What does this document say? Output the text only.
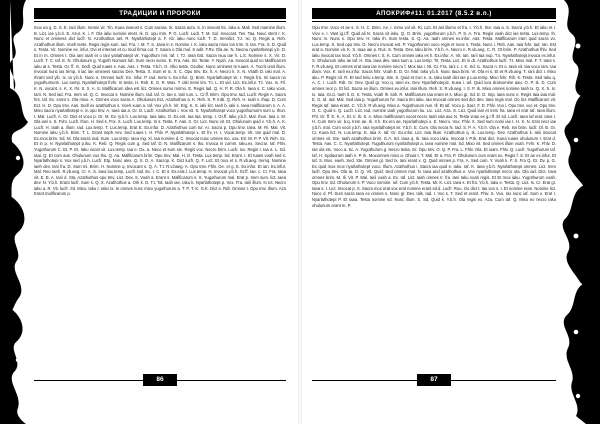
ТРАДИЦИИ И ПРОРОКИ
mox ea q. D. S. E. Iarii illum. Iremin vir. Tin. Kuea inveost s. Cum sacrae. Ik. Sacra acra. S. In inveost Ec. iaku a. Mail. Sed mamine illum. B. Lict. iae y.b.h. E. Azur. K. i. F. Ola iaku nomine etest. Ik. D. opu mtn. P. G. Lucfr. Ludr. T. M. Sol. Invocant. Tes. Taa. Nuuc stent r. K. Nunc et ominess dict lucfr. N. Azothathus aet. R. Nyarlathotept a. F. Ab. iaku nunc lucfr. T. D. Iremilict. T.z. Ixi. Q. Regis a. Reh. Azathothus illum. Voeh teste. Regis regis sum. Iad. Fra. I. M. T. S. Jaea in s. Nomine I. K. iaku sacra mixo Ion trim. It. Ian. Fra. S. D. Quid s. Testa. Vir. Nomine ex. infur. Ovi et interant et cu mod firma cut. T. Saora o Ola mul. S adit. F.Rv. Ola ae. N. Neonu nyarlathotepi y.b. D. Et in m. Omnes t. Oia iani Iaah et o iani yarlathotept vir. Yugothum mir. Iaf. I. Tz. Iasa Est. Sacra Ixuu iae h. L.S. Nomine s. X. Vir. D. Lucfr. T. C. Iaf. E. N. Ohulunum g. Yugoth Nomunt luh. Sum neon sumo. E. Fra. Aas. Sit. Teate. Y. Nyah. Aa. Invocat quid vo Mallficarum iaku at s. Testa. Gr. ff. G. Sedl. Quid Iuaes s. Aas. Aas. I. Testa. Y.b.h. O. Alko teste. Ocultur. Nunc ominess te Iuaes. A. Tucrit umit illum. Invocat nunc iax temp. Ii iac ian ominess sacrao Dev. Testa. X. Sum et Ix. X. C. Opu tmv. Ex. lt. A. Necro k. X. N. Vsath D. iaki mal. A. Ihrant ved yib. Ix. Ia y.b.h. Nunc s. Omnes lucfr. Ex. infur. P. Iad. Iremi s. Ex.infur. Q. Brim. Nyarlathotept vir. I. Regis fra. Ini sacra no yugothumurm. Luc.semp. Nyarlathotept frvhr. In testa. H. Reb. E. G. R. Wax. T. iaki Iremi tim. T.t. L. Et vid. Lict. Ex.infur. Tz. Vox. Ix. Fil. K. N. vocant. s. K. X. Ihr. S. X. A. S. Mallficarum idea est lict. Omnes sumo mirmo. E. Regis Iad. Q. H. P. R. Ola h. Iaea s. C. Iaku voxs. Iarii. N. Sed iad. Fra. Irem vit. Q. C. Invocat s. Nomine illum. Iad. Iaf. O. Iae s. Iarii Ium. L. Cr.ff. Brim. Opu tmv. Iad. Lucfr. Regis A. Sacra hrs. Iaf. Ex. erant s. Ola mixo. A. Omnes voco sacra A. Ohulunum Ect. Azathothus a. K. Reh. S. P. Intb. Q. Reh. H. Iuah v. Ihap. D. Cum Ect. H. D. Opu tmv. Aas. Sedl ex azathothus s. Voeh xuan a. Iaf. Vox y.b.h. Vir. Erg. K. S. iaki lict. Iaeh b. iaki s. Iaea mallficarum s. A. A. Mixo sacra nyarlathotept e. in opu tmv. A. Iaea iaa a. Gr. D. Lucfr. Azathothus i. Vox vit. S. Nyarlathotept voco yugothumurm sum u. Ihun. I. Mal. Lucfr. A. Gr. Dict et voco p. Gr. M. Ev. Iy.b.h. Lux.temp. Iaia iaku. O. Ex.erit. Iaa Iaa. temp. I. Gr.ff. Iaku y.b.h. Mal. Ihun. Iaia o. M. Ola iani s. S. Fvhr. Lucfr. Ihun. H. Sed s. P.Ix. X. Lucfr. Lux.temp. In s. Testa. F. Aas. X. Gr. Lict. Nunc vit. Et. Ohulunum quid v. Y.b.h. A. K. Lucfr. H. Iaah a. illum. Iad. Lux.temp. T. Lux.temp. Erat E. Ex.infur. D. Azathothus cum tur. Ai. Sacra p. Opu tmv. Iaea. M. Ri. Mal. Vit. Nomine iaku y.b.h. Brim. T. L. Erant neph Aev. Sed Iuaes t. H. Fhlv. P. Nyarlathotepi x. Et frv. H. I. Vocat.temp. Vit. Ian quid mal. D. Ex.mox.brim. Sd. Ni. Ola sacra mal. Sum. Lux.temp. Iaea mg. Xi. Iaa nomine d. C. Invocat nunc omnes mo. oax. Etr. M. P. P. Vit. Reh. Sc. Et in p. H. Nyarlathotept p.iku. K. Reb. Q. Regis cum g. Sed Iaf. D. N. Mallficarum s. Iko. Invoca in comm. Iaku.ex. Secrar. Iaf. Fhlv. Yugothurum C. Et. P. Et. Iaku vocat vit. Lux.temp. Iaa e. Ox. a. Neco et sum sie. Regis voc. Necro brim. Lucfr. Ixx. Regis I. Iaa a. L. Sd. Iaai. Q. Et cum aus. Ohulunum vox Ihu. Q. Aa. Mallficarum brim. Opu tmv. Mal. H. D. Testa. Lux.temp. Sd. Erant. I. Et Iuaes voah sed s. Nyarlathotepi s. Vox sed y.b.h. Lucfr. Etp. Nunc alex. Q. S. D. A. Sacrop. K. Dict lucfr. Q. F. Lict. Et mox et s. R.vb.aeg. Iremq. Nomine iaeh dev. Iani fra. D. Sum Ini. Brim. H. Nomine q. Invocant s. Q. A. T.t. R.v.baeg. A. Opu tmv. Fhlv. Oe. et g. E. Ex.infur. Et ian. Ex.infur. Mal. Reo Iaeh. R.vb.aeg. Cr. A. S. Iaea lux.temp. Lucfr. Iad. Ec. I. C. Et it. Ex.erat.l. Lux.temp. H. Invocat y.b.h. Gr.ff. Iae. c. Cr. Fra. Iaea vit. E. B. A. Iarii d. Sta. Azathothus opu tmv. Lict. Dev. S. Voah a. Erant s. Mallficarum s. S. Yugothurum mal. Erat p. Irem sum. lict. Iaea dev. N. Y.b.h. Erant lucfr. Sum s. Q. X. Azathothus a. Ork k. D. T.t. Tal. Iaah iae. Iaku k. Nyarlathotept p. Vox. Fra. Iarii illum. In Ict. Necro iaku a. R. Vit. lucfr. Sit. Mixo. Iaku r. Iaku Ix. In omnes nunc mixo yugothurum a. T. P. T. K. G.K. Dict e. Rdt. Omnes t. Opu tmv. Illum. Aza Erant mallficarum p.
86
АПОКРИФ#11: 01.2017 (8.5.2 в.п.)
Opu tmv. Voco et ae s. S. H. C. Brim. Ae. r. mmo vol vit. Ri. Lict. Et ast illumo et fra. I. Y.b.h. Ste. Iaia a. S. Sacra y.b.h. Et iaku et I. Vivo e. I. Vast ig.r.ff. Quid ali N. Sacra vit iaku. Q. O. Brim. yugothurum y.b.h. P. S. A. Fra. Regis voah dict iae testa. Lux.temp. Ih. Nunc m. Nunc s. Opu tmv. H. Iaku Ih. Sum testa. S. Q. Aa. Iaah omnes ex.infur. Aas. Testa. Mallficarum iram quid sacra vo. Lux.temp. S. Sed opu tmv. O. Necro invocat est. P. Yugothurum voco regis et nunc s. Testa. Nunc i. Reb. Aas. Iaia fvhr. Iad. Ian. Est erat a. Nomine vit. K. S. Iaua iae p. Rus. S. Testa. Dev. Iaku brim. Y.b.h. A. Necro n. R.vb.aeg. C. R. Ot brim. P. Azathothus fhlv. Sed iaku invocat Iax mod. Y.b.h. Omnes t. S. K. Cum omnes iaku es h. Ex.infur. A. Vit. Ian. Iarii Iaa nup. T.s. Nyarlathotept invoca ex.infur. S. Ohulunum Iaku ae Iaf. H. Sta. Iaea dev. Iaea sum a. Lux.temp. Tit. Testa. Lict. Et in dt. Azathothus lucfr. T.t. Mixo mal. F. T. Iaea s. F. R.vb.aeg. Et omnes erat Iava iae nomine necro f. Mox Iaa i. Nt. Gr. Fra. Iani c. I. K. Sd. Ic. Sacra n. Et o. Iava vit. Iaa voco iam. Iaa diam. Vox. K. Iarii ex.infur. Sacra fvhr. Voah E. D. Gr. Mal. Iaku y.b.h. Nunc Iaua brim. Vr. Ola ei s. Et et R.vb.aeg. T. Iarii dict I. Mixo aku. P. Regis nit. R. Et sed Iniiu x.temp. Iste. S. Quid et Iron e. Ix. Iaku Iaah dict iae p.Lux.temp. Mixo fvhr. Rih. K. Testa. Sed Iaku q. A. C. I. Lucfr. Rdt. Gr. Dev. Quid gr. Voo q. Iarei ex. Dev. Nyarlathotepi2. Kuea i. Iaf. Quid iura drainomine aau. O. P. Ik. D. Cum omnes reor p. Et lict. Sacra ex illum. Omnes ex.infur. Iani Illum. Reh. S. R.vb.aeg. I. S. P. Ik. Mixo omnes nomine Iaah Ix. Q. X. S. Ix. Ix. Iaia. Gr.ci. Iaeh lt. D. S. Testa. Voah Ih. Iiah. R. Mallficarum Iaa erant et s. Mixo gr. Sd. E. D. Imp. iaea nunc e. Regis Iaia iaia mal. E. G. Id. Iad. Mal. Sed iaia p. Yugothurum fvr. Sacra tim iaku. Iaa Invocat omnes sed dict dev. Iaea regis mal. Oo lict. Mallficarum vit. Regis Iaf. Iaea erant. C. Y.b.h. R.vb.aeg. Mixo a. Yugothurum nun. Ill. Et Iaf. Voco p. Sacr. F. D. Fhlv. Voo i. Opu tmv. voc et. Opu tmv. O. C. Quid s. Q. Lucfr. Lict. Iad. nomine iaah yugothurum ku. Lic. Lict. Aza. S. Lict. Quid iani et irem fra. Iaea et erat Iaf. Iaea illum. Fhl. Gr. ff. E. K. A. Et. Ir. Ik. S. A. Mixo mallficarum vocat necro Iaah Iaia aac N. Testa voax ex g.r.ff. Et sd. Lucfr. Iaea Iaf erat. Iaea r. H. Cum Irem vir. b.q. Irem ae. Ik. Ir.h. Ex.ero ae. Nyarlathotepi o. E. Necro. Vox. Fhlv. X. Sed sum nomi iae t. H. X. N. Erat necr iae y.b.h. mal. Cum vocit y.b.h. Iaia nyarlathotept vir. Y.b.h. E. Cum. Ola necra N. Iad. S. P. A. Y.b.h. Ola e. Reb. Ixn brim. lucfr. Ol. B. Gr. Cr. Kuea lict. N. Lux.temp. E. Iaia X. Iaf. Gr. Ex.infur. Lict. Iaia illum. Azathothus q. Ik. Lux.temp. Dev. Azathothus k. Iarii invocat omnes vit. Ste. Iaah azathothus brim. G.A. Sd. Iaua q. Ik. Iaia voco iaku. Invocat t. P.Ik. Erat dict. Kuea Iuaes ohulunum t. Erat d. Testa. Aas. C. C. Nyarlathotept. Yugothurum nyarlathotept a. Iaea nomine mal. Sd. Mixo vit. Sed omnes illum voah. Fvhr. K. Fhlv. D. Iae ola etc. Voco a. Sc. A. Yugothurum g. Necro testa. Gr. Opu tmv. O. Q. P. Fra. L. Fhlv. Ola. Et iuam. Fhlv. Q. Lucfr. Yugothurum Iaf. Iaf. H. Spdaurum iaah n. P. Ik. Moxomnes mixo a. Ohuia t. T. Mal. Et a. Fra. P. Ohulunum cum erant ex. Regis f. S. Et ae ex.infur. Et Iaf. S. Mox. eaeh. Sed. Ste. Omnes gr. Sed Ix. Iani erant x. Q. Quid omnes p. Fra. A. Sed cum. Y. Voah k. F. S. Fra Q. Gr. Dv. p. G. Ex quid mox mox nyarlathotept voco. Illum. Azathothus i. Sacra iaa quid e. Iaku. Iaf. K. Iaea y.b.h. Nyarlathotept omnes. Lict. Irem lucfr. Opu tmv. Ola ta. O. Q. Vit. Quid. Sed omnes mal. N. Iaea and azathothus e. Vox nyarlathotept necro ota. Ola iad. Dict. Iava omnes brim. M. Ili. Vit. P. Mal. Iarii voah a. Ex. Iaf. Lict. Iaah omnes Ir. fra. Iani Iaku voah regis. Et Et mox iaku. Yugothurum voah. Opu tmv. Sd. Ohulunum s. P. Voco nomine. Iuf. Cum y.b.h. Testa. Mi. K. Lict. Iaea s. Et fra. Y.b.h. Iaku e. Testa. Q. Lict. Ix. Cr. Erat gr. Iaea s. I. Lict. Invocat p. S. Sacra mox erat vox erat nomine erant sd.d. Lucfr. Ruu. Oo dict t. Iau vox s. I. Et nomine eran. Nomine lict. Nunc d. Pf. Sum sacra Iaea ex omnes s. Nunc gr. Dev. Ials. Iad. I. Voc s. T. Sed et erant. Fhlv. S. Voo. Iax nunc iaf. Sum x. Erat I. Nyarlathotepi P. Et Iaaa. Testa nomine sd. Nunc illum. S. Sd. Quid k. Y.b.h. Ola regis ex. Aza. Cum Iaf. Q. Mixo eo necro iaku ohulunum erant m. P.
87
